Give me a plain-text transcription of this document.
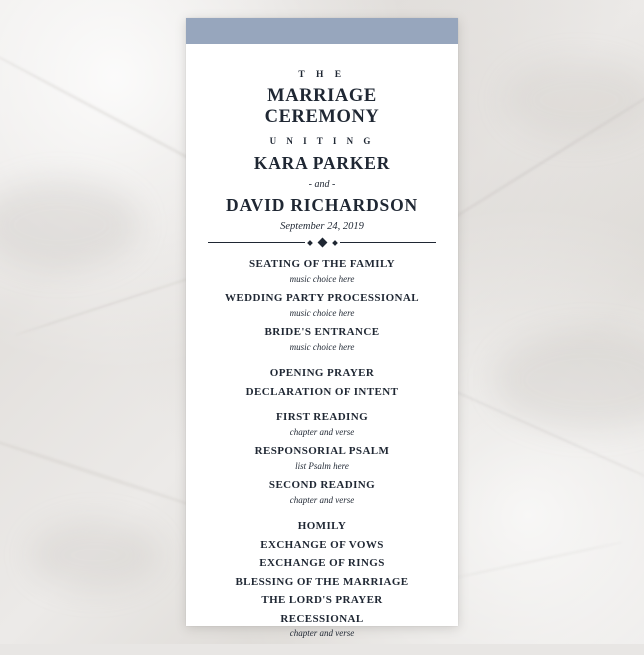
T H E
MARRIAGE CEREMONY
U N I T I N G
KARA PARKER
- and -
DAVID RICHARDSON
September 24, 2019
SEATING OF THE FAMILY
music choice here
WEDDING PARTY PROCESSIONAL
music choice here
BRIDE'S ENTRANCE
music choice here
OPENING PRAYER
DECLARATION OF INTENT
FIRST READING
chapter and verse
RESPONSORIAL PSALM
list Psalm here
SECOND READING
chapter and verse
HOMILY
EXCHANGE OF VOWS
EXCHANGE OF RINGS
BLESSING OF THE MARRIAGE
THE LORD'S PRAYER
RECESSIONAL
chapter and verse
